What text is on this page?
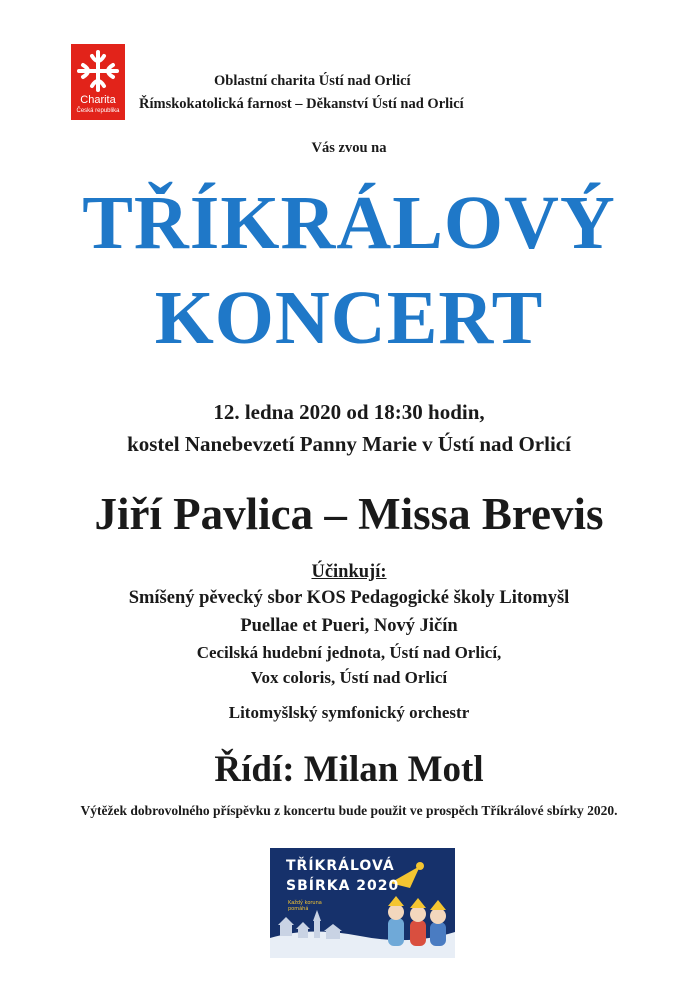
Charita
Česká republika
Oblastní charita Ústí nad Orlicí
Římskokatolická farnost – Děkanství Ústí nad Orlicí
Vás zvou na
TŘÍKRÁLOVÝ
KONCERT
12. ledna 2020 od 18:30 hodin,
kostel Nanebevzetí Panny Marie v Ústí nad Orlicí
Jiří Pavlica – Missa Brevis
Účinkují:
Smíšený pěvecký sbor KOS Pedagogické školy Litomyšl
Puellae et Pueri, Nový Jičín
Cecilská hudební jednota, Ústí nad Orlicí,
Vox coloris, Ústí nad Orlicí
Litomyšlský symfonický orchestr
Řídí: Milan Motl
Výtěžek dobrovolného příspěvku z koncertu bude použit ve prospěch Tříkrálové sbírky 2020.
TŘÍKRÁLOVÁ
SBÍRKA 2020
Každý koruna pomáhá
